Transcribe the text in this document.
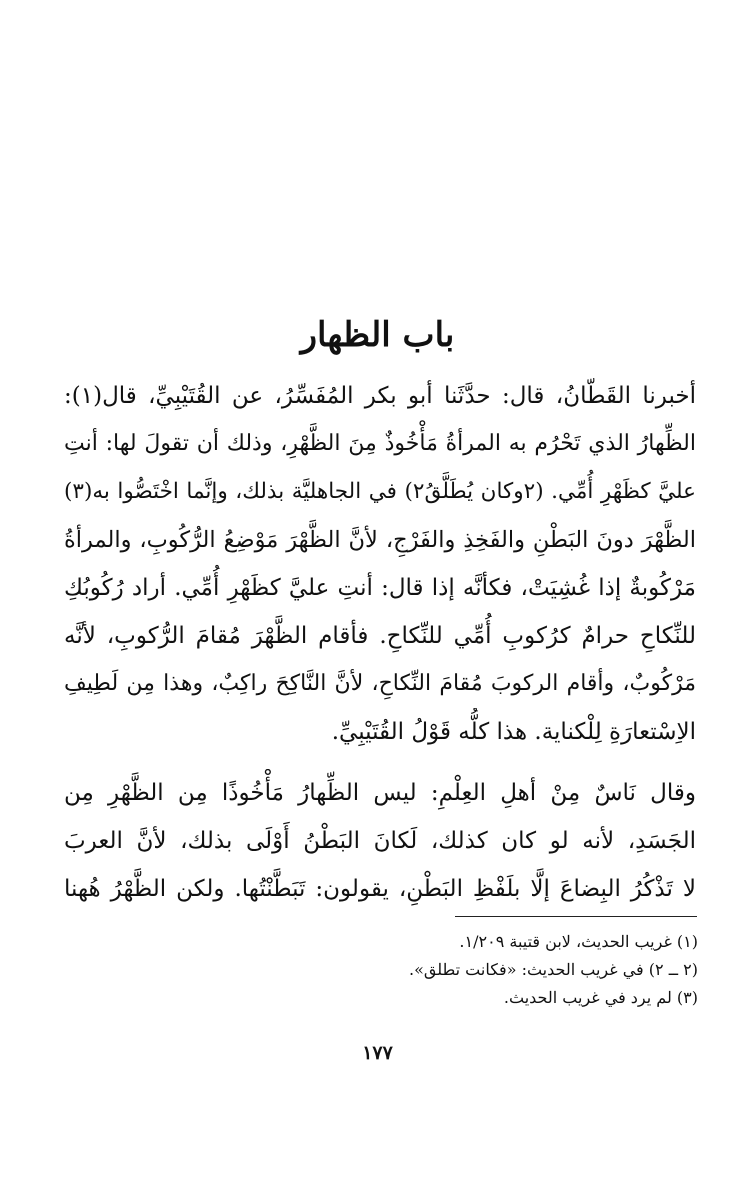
باب الظهار
أخبرنا القَطّانُ، قال: حدَّثَنا أبو بكر المُفَسِّرُ، عن القُتَيْبِيِّ، قال(١):
الظِّهارُ الذي تَحْرُم به المرأةُ مَأْخُوذٌ مِنَ الظَّهْرِ، وذلك أن تقولَ لها: أنتِ
عليَّ كظَهْرِ أُمِّي. (٢وكان يُطَلَّقُ٢) في الجاهليَّة بذلك، وإنَّما اخْتَصُّوا به(٣)
الظَّهْرَ دونَ البَطْنِ والفَخِذِ والفَرْجِ، لأنَّ الظَّهْرَ مَوْضِعُ الرُّكُوبِ، والمرأةُ
مَرْكُوبةٌ إذا غُشِيَتْ، فكأنَّه إذا قال: أنتِ عليَّ كظَهْرِ أُمِّي. أراد رُكُوبُكِ
للنِّكاحِ حرامٌ كرُكوبِ أُمِّي للنِّكاحِ. فأقام الظَّهْرَ مُقامَ الرُّكوبِ، لأنَّه
مَرْكُوبٌ، وأقام الركوبَ مُقامَ النِّكاحِ، لأنَّ النَّاكِحَ راكِبٌ، وهذا مِن لَطِيفِ
الاِسْتعارَةِ لِلْكناية. هذا كلُّه قَوْلُ القُتَيْبِيِّ.
وقال نَاسٌ مِنْ أهلِ العِلْمِ: ليس الظِّهارُ مَأْخُوذًا مِن الظَّهْرِ مِن
الجَسَدِ، لأنه لو كان كذلك، لَكانَ البَطْنُ أَوْلَى بذلك، لأنَّ العربَ
لا تَذْكُرُ البِضاعَ إلَّا بلَفْظِ البَطْنِ، يقولون: تَبَطَّنْتُها. ولكن الظَّهْرُ هُهنا
(١) غريب الحديث، لابن قتيبة ١/٢٠٩.
(٢ ــ ٢) في غريب الحديث: «فكانت تطلق».
(٣) لم يرد في غريب الحديث.
١٧٧
